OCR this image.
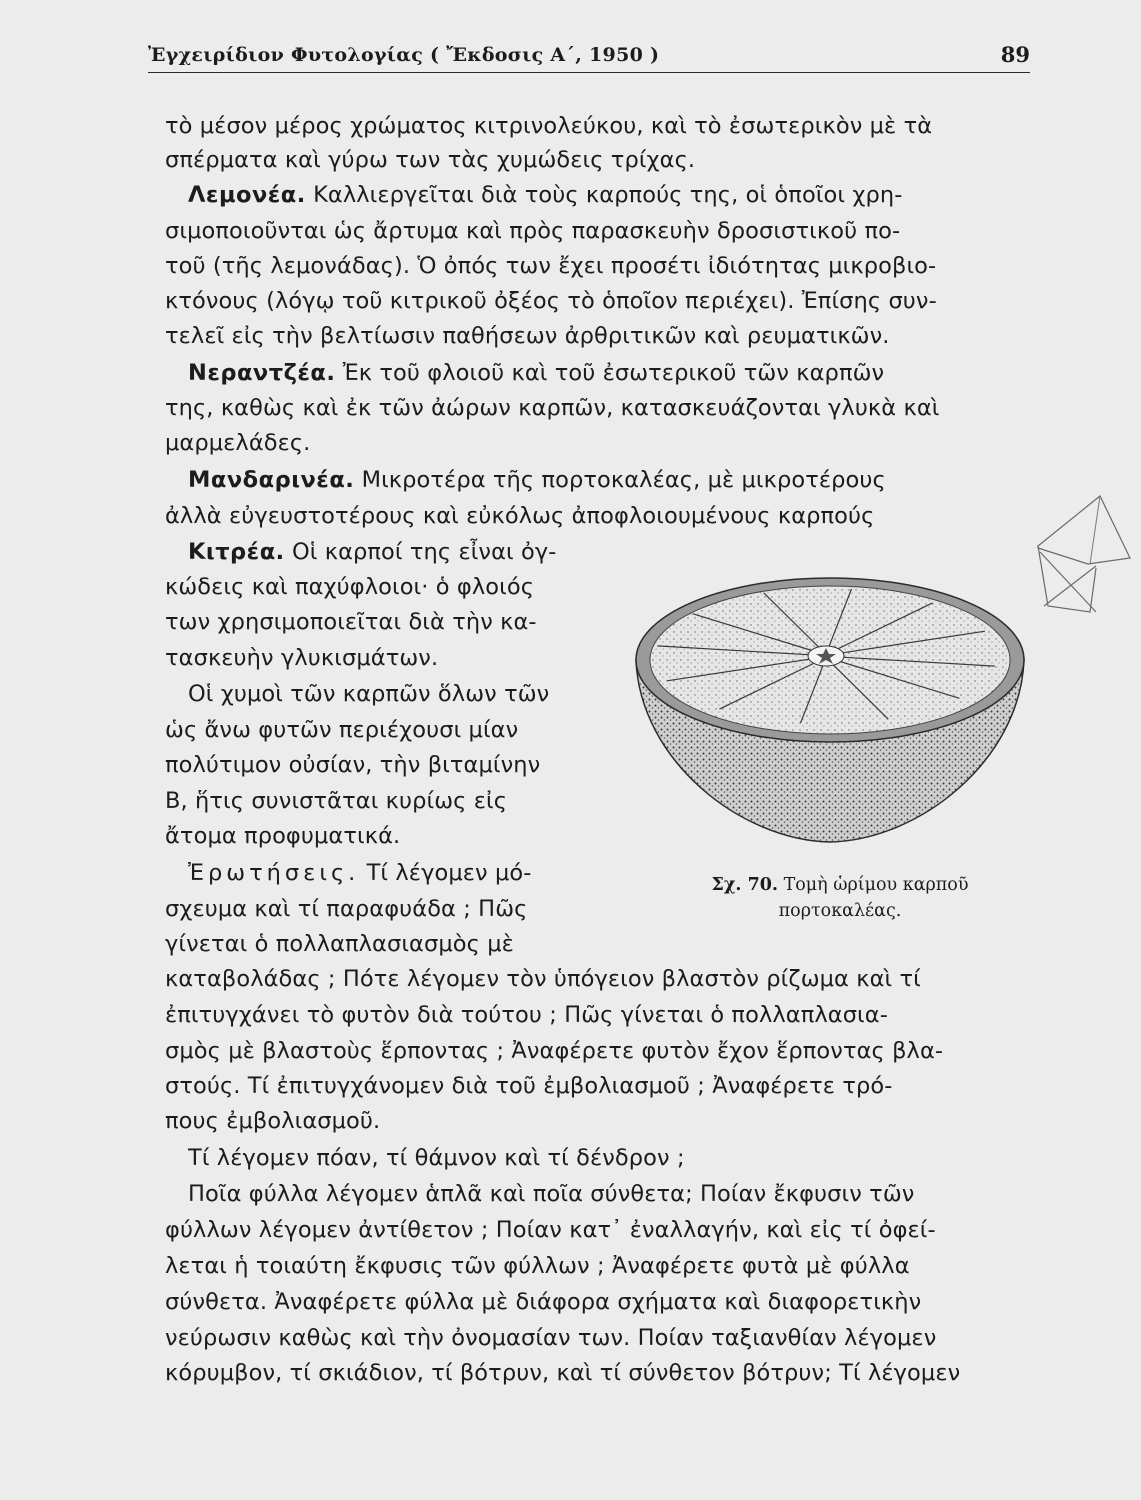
Ἐγχειρίδιον Φυτολογίας ( Ἔκδοσις Α΄, 1950 )	89
τὸ μέσον μέρος χρώματος κιτρινολεύκου, καὶ τὸ ἐσωτερικὸν μὲ τὰ
σπέρματα καὶ γύρω των τὰς χυμώδεις τρίχας.
Λεμονέα. Καλλιεργεῖται διὰ τοὺς καρπούς της, οἱ ὁποῖοι χρη-
σιμοποιοῦνται ὡς ἄρτυμα καὶ πρὸς παρασκευὴν δροσιστικοῦ πο-
τοῦ (τῆς λεμονάδας). Ὁ ὀπός των ἔχει προσέτι ἰδιότητας μικροβιο-
κτόνους (λόγῳ τοῦ κιτρικοῦ ὀξέος τὸ ὁποῖον περιέχει). Ἐπίσης συν-
τελεῖ εἰς τὴν βελτίωσιν παθήσεων ἀρθριτικῶν καὶ ρευματικῶν.
Νεραντζέα. Ἐκ τοῦ φλοιοῦ καὶ τοῦ ἐσωτερικοῦ τῶν καρπῶν
της, καθὼς καὶ ἐκ τῶν ἀώρων καρπῶν, κατασκευάζονται γλυκὰ καὶ
μαρμελάδες.
Μανδαρινέα. Μικροτέρα τῆς πορτοκαλέας, μὲ μικροτέρους
ἀλλὰ εὐγευστοτέρους καὶ εὐκόλως ἀποφλοιουμένους καρπούς
Κιτρέα. Οἱ καρποί της εἶναι ὀγ-
κώδεις καὶ παχύφλοιοι· ὁ φλοιός
των χρησιμοποιεῖται διὰ τὴν κα-
τασκευὴν γλυκισμάτων.
Οἱ χυμοὶ τῶν καρπῶν ὅλων τῶν
ὡς ἄνω φυτῶν περιέχουσι μίαν
πολύτιμον οὐσίαν, τὴν βιταμίνην
Β, ἥτις συνιστᾶται κυρίως εἰς
ἄτομα προφυματικά.
Ἐρωτήσεις. Τί λέγομεν μό-
σχευμα καὶ τί παραφυάδα ; Πῶς
γίνεται ὁ πολλαπλασιασμὸς μὲ
καταβολάδας ; Πότε λέγομεν τὸν ὑπόγειον βλαστὸν ρίζωμα καὶ τί
ἐπιτυγχάνει τὸ φυτὸν διὰ τούτου ; Πῶς γίνεται ὁ πολλαπλασια-
σμὸς μὲ βλαστοὺς ἕρποντας ; Ἀναφέρετε φυτὸν ἔχον ἕρποντας βλα-
στούς. Τί ἐπιτυγχάνομεν διὰ τοῦ ἐμβολιασμοῦ ; Ἀναφέρετε τρό-
πους ἐμβολιασμοῦ.
Τί λέγομεν πόαν, τί θάμνον καὶ τί δένδρον ;
Ποῖα φύλλα λέγομεν ἁπλᾶ καὶ ποῖα σύνθετα; Ποίαν ἔκφυσιν τῶν
φύλλων λέγομεν ἀντίθετον ; Ποίαν κατ᾽ ἐναλλαγήν, καὶ εἰς τί ὀφεί-
λεται ἡ τοιαύτη ἔκφυσις τῶν φύλλων ; Ἀναφέρετε φυτὰ μὲ φύλλα
σύνθετα. Ἀναφέρετε φύλλα μὲ διάφορα σχήματα καὶ διαφορετικὴν
νεύρωσιν καθὼς καὶ τὴν ὀνομασίαν των. Ποίαν ταξιανθίαν λέγομεν
κόρυμβον, τί σκιάδιον, τί βότρυν, καὶ τί σύνθετον βότρυν; Τί λέγομεν
Σχ. 70. Τομὴ ὡρίμου καρποῦ
πορτοκαλέας.
